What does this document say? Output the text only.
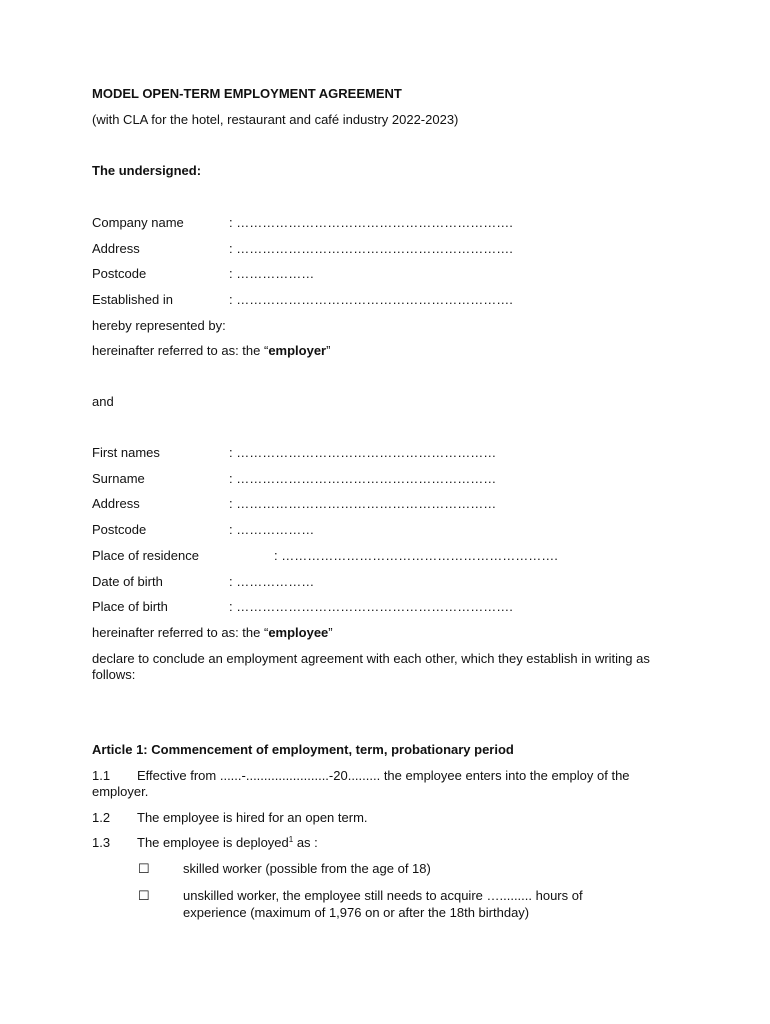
MODEL OPEN-TERM EMPLOYMENT AGREEMENT
(with CLA for the hotel, restaurant and café industry 2022-2023)
The undersigned:
Company name	: ……………………………………………………….
Address	: ……………………………………………………….
Postcode	: ………………
Established in	: ……………………………………………………….
hereby represented by:
hereinafter referred to as: the “employer”
and
First names	: ……………………………………………………
Surname	: ……………………………………………………
Address	: ……………………………………………………
Postcode	: ………………
Place of residence	: ……………………………………………………….
Date of birth	: ………………
Place of birth	: ……………………………………………………….
hereinafter referred to as: the “employee”
declare to conclude an employment agreement with each other, which they establish in writing as follows:
Article 1: Commencement of employment, term, probationary period
1.1	Effective from ......-.......................-20......... the employee enters into the employ of the employer.
1.2 The employee is hired for an open term.
1.3 The employee is deployed$^1$ as :
☐	skilled worker (possible from the age of 18)
☐	unskilled worker, the employee still needs to acquire …......... hours of
experience (maximum of 1,976 on or after the 18th birthday)
